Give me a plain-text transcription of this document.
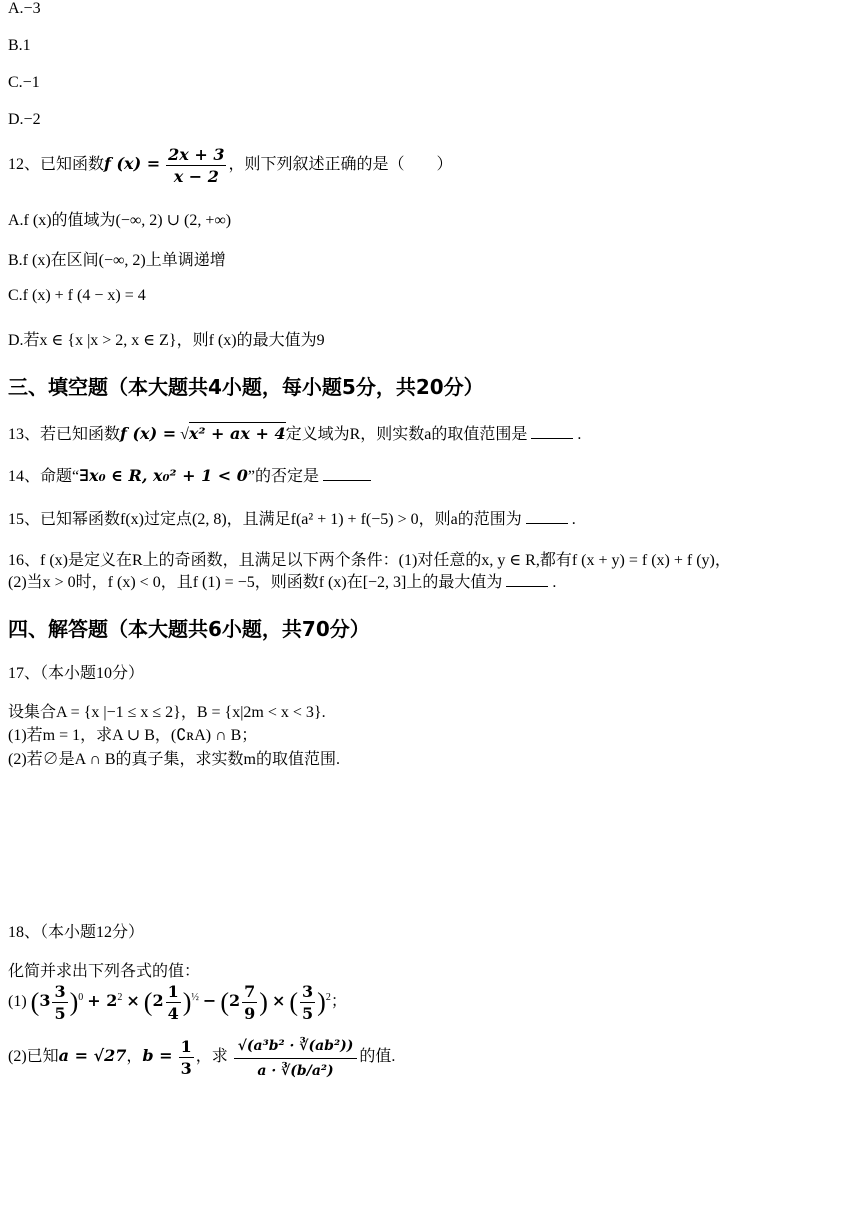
A.−3
B.1
C.−1
D.−2
12、已知函数f $(x) = \frac{2x + 3}{x - 2}$ ，则下列叙述正确的是（　　）
A.f (x)的值域为(−∞, 2) ∪ (2, +∞)
B.f (x)在区间(−∞, 2)上单调递增
C.f (x) + f (4 − x) = 4
D.若x ∈ {x |x > 2, x ∈ Z}，则f (x)的最大值为9
三、填空题（本大题共4小题，每小题5分，共20分）
13、若已知函数f (x) = √x² + ax + 4定义域为R，则实数a的取值范围是	.
14、命题“∃x₀ ∈ R, x₀² + 1 < 0”的否定是
15、已知幂函数f(x)过定点(2, 8)，且满足f(a² + 1) + f(−5) > 0，则a的范围为	.
16、f (x)是定义在R上的奇函数，且满足以下两个条件：(1)对任意的x, y ∈ R,都有f (x + y) = f (x) + f (y)，
(2)当x > 0时，f (x) < 0，且f (1) = −5，则函数f (x)在[−2, 3]上的最大值为	.
四、解答题（本大题共6小题，共70分）
17、（本小题10分）
设集合A = {x |−1 ≤ x ≤ 2}，B = {x|2m < x < 3}.
(1)若m = 1，求A ∪ B，(∁ʀA) ∩ B；
(2)若∅是A ∩ B的真子集，求实数m的取值范围.
18、（本小题12分）
化简并求出下列各式的值：
(1) $(3 \frac{3}{5} )^0 + 2^2 \times (2 \frac{1}{4} )^{\frac{1}{2}} - (2 \frac{7}{9}$ ) × ( $\frac{3}{5} )^2$；
(2)已知a = √27，$b = \frac{1}{3}$ ，求 $\frac{\text{√(a³b² · ∛(ab²))}}{\text{a · ∛(b/a²)}}$ 的值.
